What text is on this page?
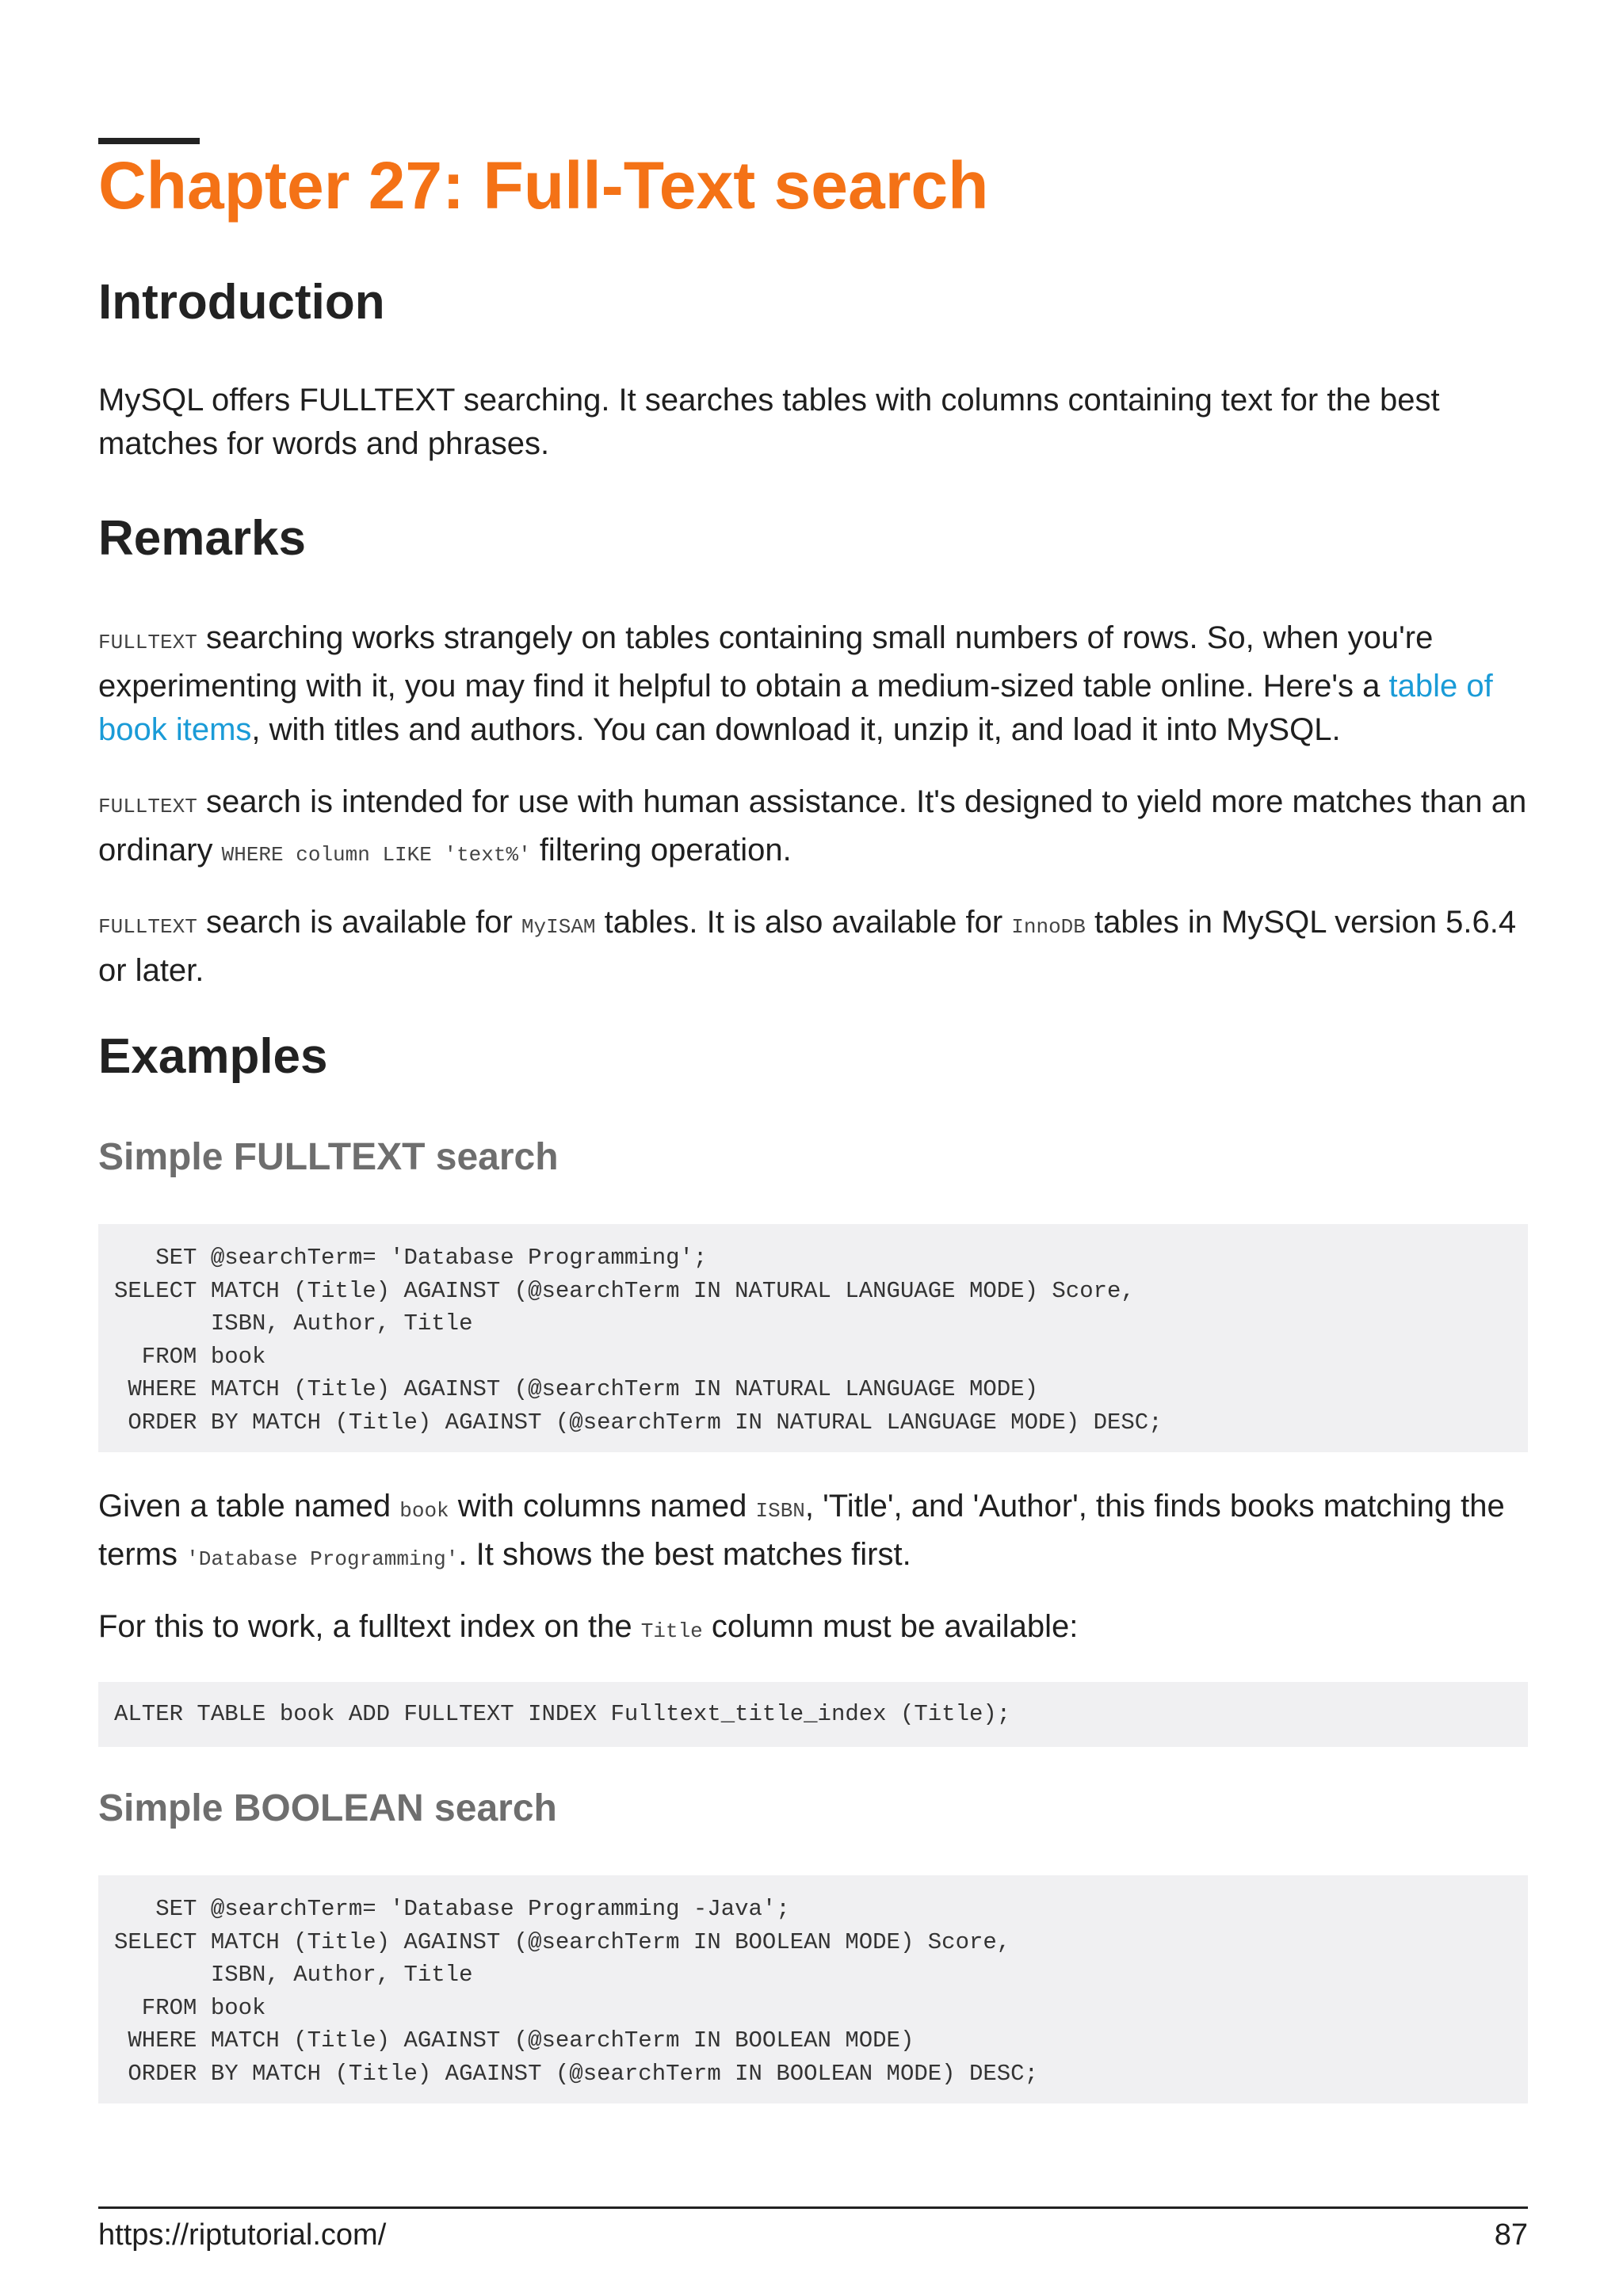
Chapter 27: Full-Text search
Introduction

MySQL offers FULLTEXT searching. It searches tables with columns containing text for the best matches for words and phrases.

Remarks

FULLTEXT searching works strangely on tables containing small numbers of rows. So, when you're experimenting with it, you may find it helpful to obtain a medium-sized table online. Here's a table of book items, with titles and authors. You can download it, unzip it, and load it into MySQL.

FULLTEXT search is intended for use with human assistance. It's designed to yield more matches than an ordinary WHERE column LIKE 'text%' filtering operation.

FULLTEXT search is available for MyISAM tables. It is also available for InnoDB tables in MySQL version 5.6.4 or later.

Examples
Simple FULLTEXT search
SET @searchTerm= 'Database Programming';
SELECT MATCH (Title) AGAINST (@searchTerm IN NATURAL LANGUAGE MODE) Score,
ISBN, Author, Title
FROM book
WHERE MATCH (Title) AGAINST (@searchTerm IN NATURAL LANGUAGE MODE)
ORDER BY MATCH (Title) AGAINST (@searchTerm IN NATURAL LANGUAGE MODE) DESC;

Given a table named book with columns named ISBN, 'Title', and 'Author', this finds books matching the terms 'Database Programming'. It shows the best matches first.

For this to work, a fulltext index on the Title column must be available:

ALTER TABLE book ADD FULLTEXT INDEX Fulltext_title_index (Title);
Simple BOOLEAN search
SET @searchTerm= 'Database Programming -Java';
SELECT MATCH (Title) AGAINST (@searchTerm IN BOOLEAN MODE) Score,
ISBN, Author, Title
FROM book
WHERE MATCH (Title) AGAINST (@searchTerm IN BOOLEAN MODE)
ORDER BY MATCH (Title) AGAINST (@searchTerm IN BOOLEAN MODE) DESC;
https://riptutorial.com/	87
